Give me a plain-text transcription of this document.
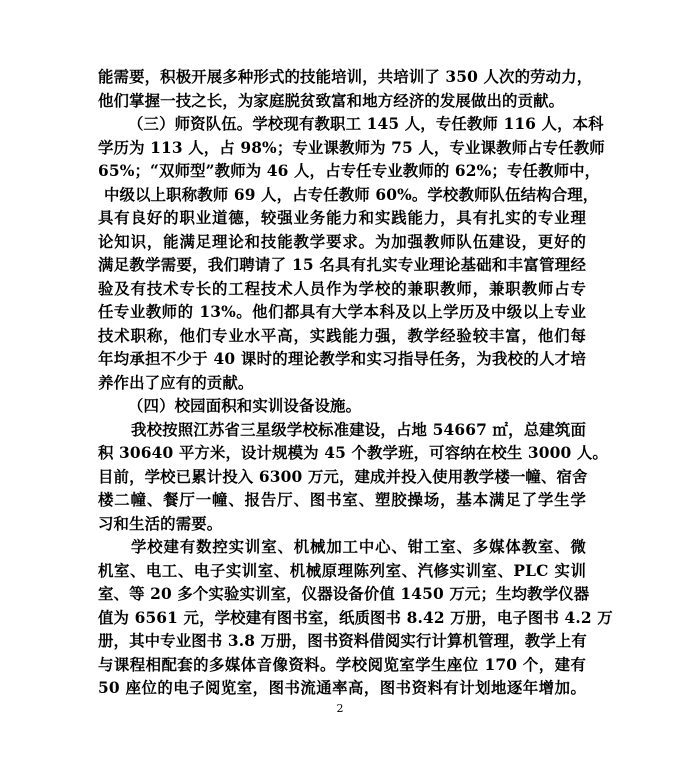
能需要，积极开展多种形式的技能培训，共培训了 350 人次的劳动力，
他们掌握一技之长，为家庭脱贫致富和地方经济的发展做出的贡献。
（三）师资队伍。学校现有教职工 145 人，专任教师 116 人，本科
学历为 113 人，占 98%；专业课教师为 75 人，专业课教师占专任教师
65%；“双师型”教师为 46 人，占专任专业教师的 62%；专任教师中，
中级以上职称教师 69 人，占专任教师 60%。学校教师队伍结构合理，
具有良好的职业道德，较强业务能力和实践能力，具有扎实的专业理
论知识，能满足理论和技能教学要求。为加强教师队伍建设，更好的
满足教学需要，我们聘请了 15 名具有扎实专业理论基础和丰富管理经
验及有技术专长的工程技术人员作为学校的兼职教师，兼职教师占专
任专业教师的 13%。他们都具有大学本科及以上学历及中级以上专业
技术职称，他们专业水平高，实践能力强，教学经验较丰富，他们每
年均承担不少于 40 课时的理论教学和实习指导任务，为我校的人才培
养作出了应有的贡献。
（四）校园面积和实训设备设施。
我校按照江苏省三星级学校标准建设，占地 54667 ㎡，总建筑面
积 30640 平方米，设计规模为 45 个教学班，可容纳在校生 3000 人。
目前，学校已累计投入 6300 万元，建成并投入使用教学楼一幢、宿舍
楼二幢、餐厅一幢、报告厅、图书室、塑胶操场，基本满足了学生学
习和生活的需要。
学校建有数控实训室、机械加工中心、钳工室、多媒体教室、微
机室、电工、电子实训室、机械原理陈列室、汽修实训室、PLC 实训
室、等 20 多个实验实训室，仪器设备价值 1450 万元；生均教学仪器
值为 6561 元，学校建有图书室，纸质图书 8.42 万册，电子图书 4.2 万
册，其中专业图书 3.8 万册，图书资料借阅实行计算机管理，教学上有
与课程相配套的多媒体音像资料。学校阅览室学生座位 170 个，建有
50 座位的电子阅览室，图书流通率高，图书资料有计划地逐年增加。
2
